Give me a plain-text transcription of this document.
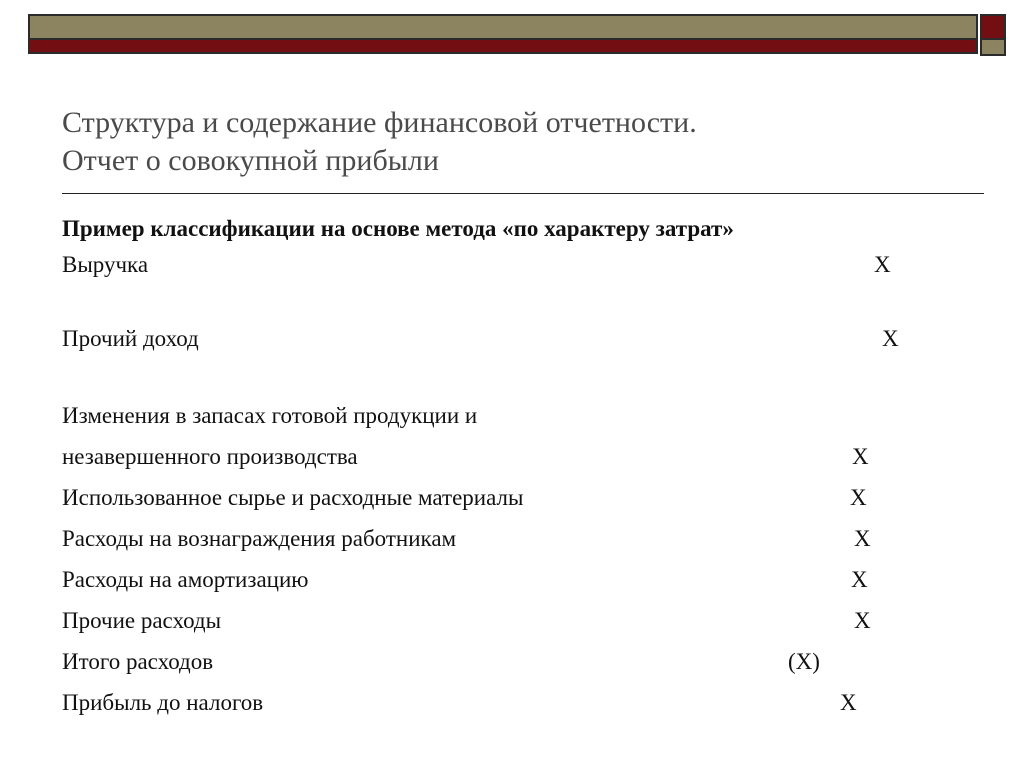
Структура и содержание финансовой отчетности.
Отчет о совокупной прибыли
Пример классификации на основе метода «по характеру затрат»
Выручка	X
Прочий доход	X
Изменения в запасах готовой продукции и
незавершенного производства	X
Использованное сырье и расходные материалы	X
Расходы на вознаграждения работникам	X
Расходы на амортизацию	X
Прочие расходы	X
Итого расходов	(X)
Прибыль до налогов	X
